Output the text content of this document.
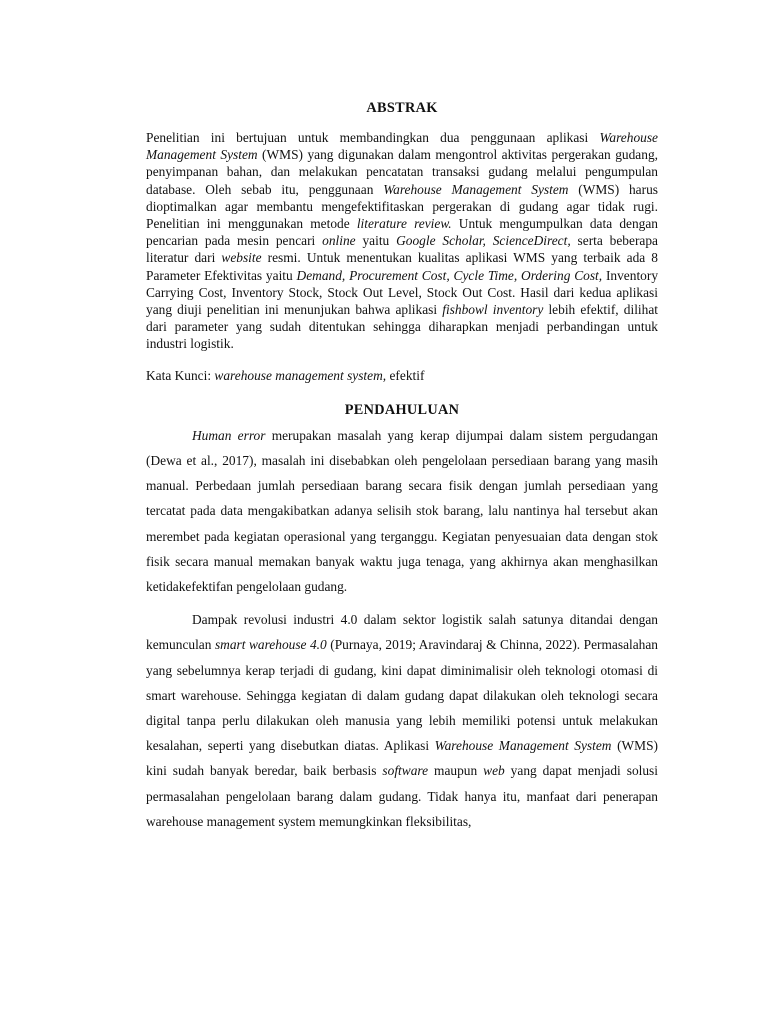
ABSTRAK

Penelitian ini bertujuan untuk membandingkan dua penggunaan aplikasi Warehouse Management System (WMS) yang digunakan dalam mengontrol aktivitas pergerakan gudang, penyimpanan bahan, dan melakukan pencatatan transaksi gudang melalui pengumpulan database. Oleh sebab itu, penggunaan Warehouse Management System (WMS) harus dioptimalkan agar membantu mengefektifitaskan pergerakan di gudang agar tidak rugi. Penelitian ini menggunakan metode literature review. Untuk mengumpulkan data dengan pencarian pada mesin pencari online yaitu Google Scholar, ScienceDirect, serta beberapa literatur dari website resmi. Untuk menentukan kualitas aplikasi WMS yang terbaik ada 8 Parameter Efektivitas yaitu Demand, Procurement Cost, Cycle Time, Ordering Cost, Inventory Carrying Cost, Inventory Stock, Stock Out Level, Stock Out Cost. Hasil dari kedua aplikasi yang diuji penelitian ini menunjukan bahwa aplikasi fishbowl inventory lebih efektif, dilihat dari parameter yang sudah ditentukan sehingga diharapkan menjadi perbandingan untuk industri logistik.

Kata Kunci: warehouse management system, efektif

PENDAHULUAN

Human error merupakan masalah yang kerap dijumpai dalam sistem pergudangan (Dewa et al., 2017), masalah ini disebabkan oleh pengelolaan persediaan barang yang masih manual. Perbedaan jumlah persediaan barang secara fisik dengan jumlah persediaan yang tercatat pada data mengakibatkan adanya selisih stok barang, lalu nantinya hal tersebut akan merembet pada kegiatan operasional yang terganggu. Kegiatan penyesuaian data dengan stok fisik secara manual memakan banyak waktu juga tenaga, yang akhirnya akan menghasilkan ketidakefektifan pengelolaan gudang.

Dampak revolusi industri 4.0 dalam sektor logistik salah satunya ditandai dengan kemunculan smart warehouse 4.0 (Purnaya, 2019; Aravindaraj & Chinna, 2022). Permasalahan yang sebelumnya kerap terjadi di gudang, kini dapat diminimalisir oleh teknologi otomasi di smart warehouse. Sehingga kegiatan di dalam gudang dapat dilakukan oleh teknologi secara digital tanpa perlu dilakukan oleh manusia yang lebih memiliki potensi untuk melakukan kesalahan, seperti yang disebutkan diatas. Aplikasi Warehouse Management System (WMS) kini sudah banyak beredar, baik berbasis software maupun web yang dapat menjadi solusi permasalahan pengelolaan barang dalam gudang. Tidak hanya itu, manfaat dari penerapan warehouse management system memungkinkan fleksibilitas,
